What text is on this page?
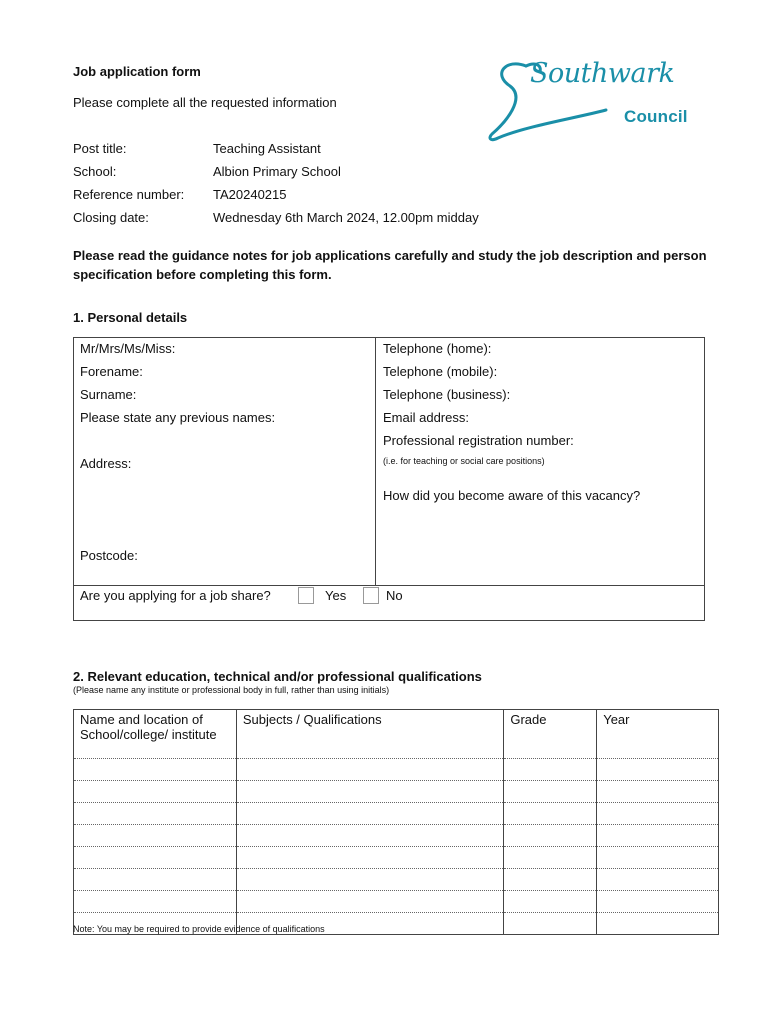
Job application form
Please complete all the requested information
Southwark
Council
Post title:	Teaching Assistant
School:	Albion Primary School
Reference number: TA20240215
Closing date:	Wednesday 6th March 2024, 12.00pm midday
Please read the guidance notes for job applications carefully and study the job description and person specification before completing this form.
1. Personal details
Mr/Mrs/Ms/Miss:
Forename:
Surname:
Please state any previous names:
Address:
Postcode:
Telephone (home):
Telephone (mobile):
Telephone (business):
Email address:
Professional registration number:
(i.e. for teaching or social care positions)
How did you become aware of this vacancy?
Are you applying for a job share?	Yes	No
2. Relevant education, technical and/or professional qualifications
(Please name any institute or professional body in full, rather than using initials)
Name and location of School/college/ institute	Subjects / Qualifications	Grade	Year

Note: You may be required to provide evidence of qualifications
